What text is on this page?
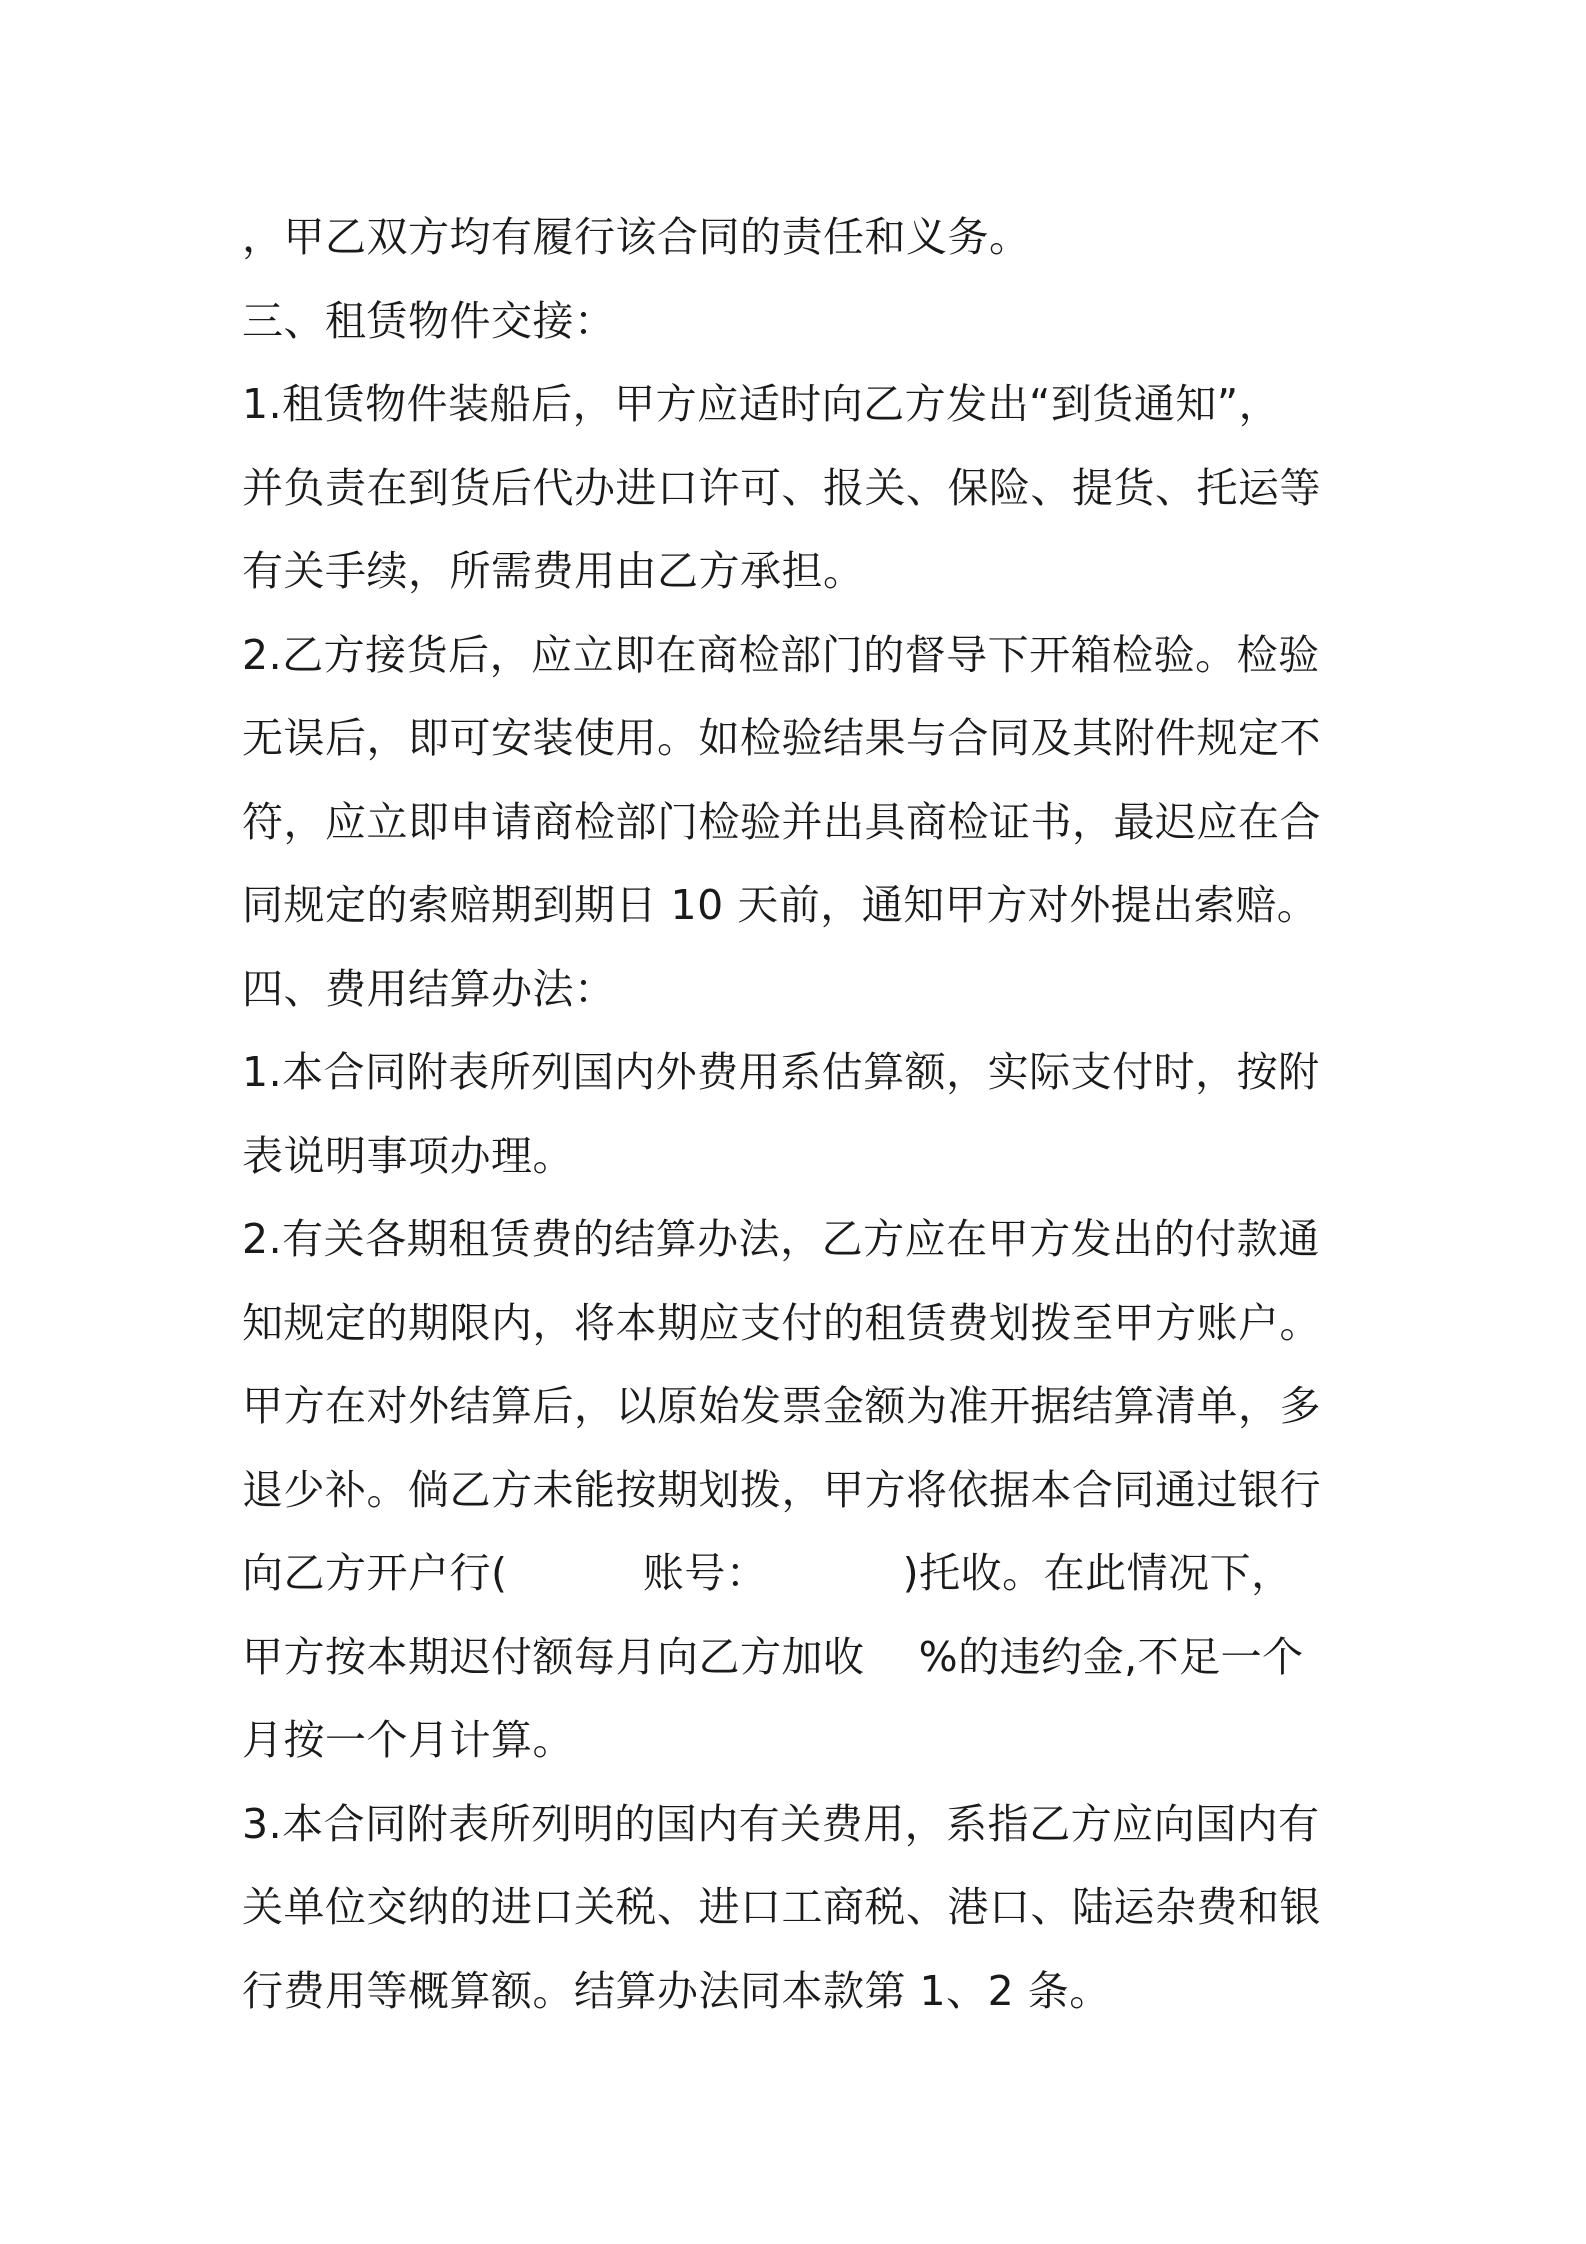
，甲乙双方均有履行该合同的责任和义务。
三、租赁物件交接：
1.租赁物件装船后，甲方应适时向乙方发出“到货通知”，
并负责在到货后代办进口许可、报关、保险、提货、托运等
有关手续，所需费用由乙方承担。
2.乙方接货后，应立即在商检部门的督导下开箱检验。检验
无误后，即可安装使用。如检验结果与合同及其附件规定不
符，应立即申请商检部门检验并出具商检证书，最迟应在合
同规定的索赔期到期日 10 天前，通知甲方对外提出索赔。
四、费用结算办法：
1.本合同附表所列国内外费用系估算额，实际支付时，按附
表说明事项办理。
2.有关各期租赁费的结算办法，乙方应在甲方发出的付款通
知规定的期限内，将本期应支付的租赁费划拨至甲方账户。
甲方在对外结算后，以原始发票金额为准开据结算清单，多
退少补。倘乙方未能按期划拨，甲方将依据本合同通过银行
向乙方开户行(          账号：          )托收。在此情况下，
甲方按本期迟付额每月向乙方加收    %的违约金,不足一个
月按一个月计算。
3.本合同附表所列明的国内有关费用，系指乙方应向国内有
关单位交纳的进口关税、进口工商税、港口、陆运杂费和银
行费用等概算额。结算办法同本款第 1、2 条。
